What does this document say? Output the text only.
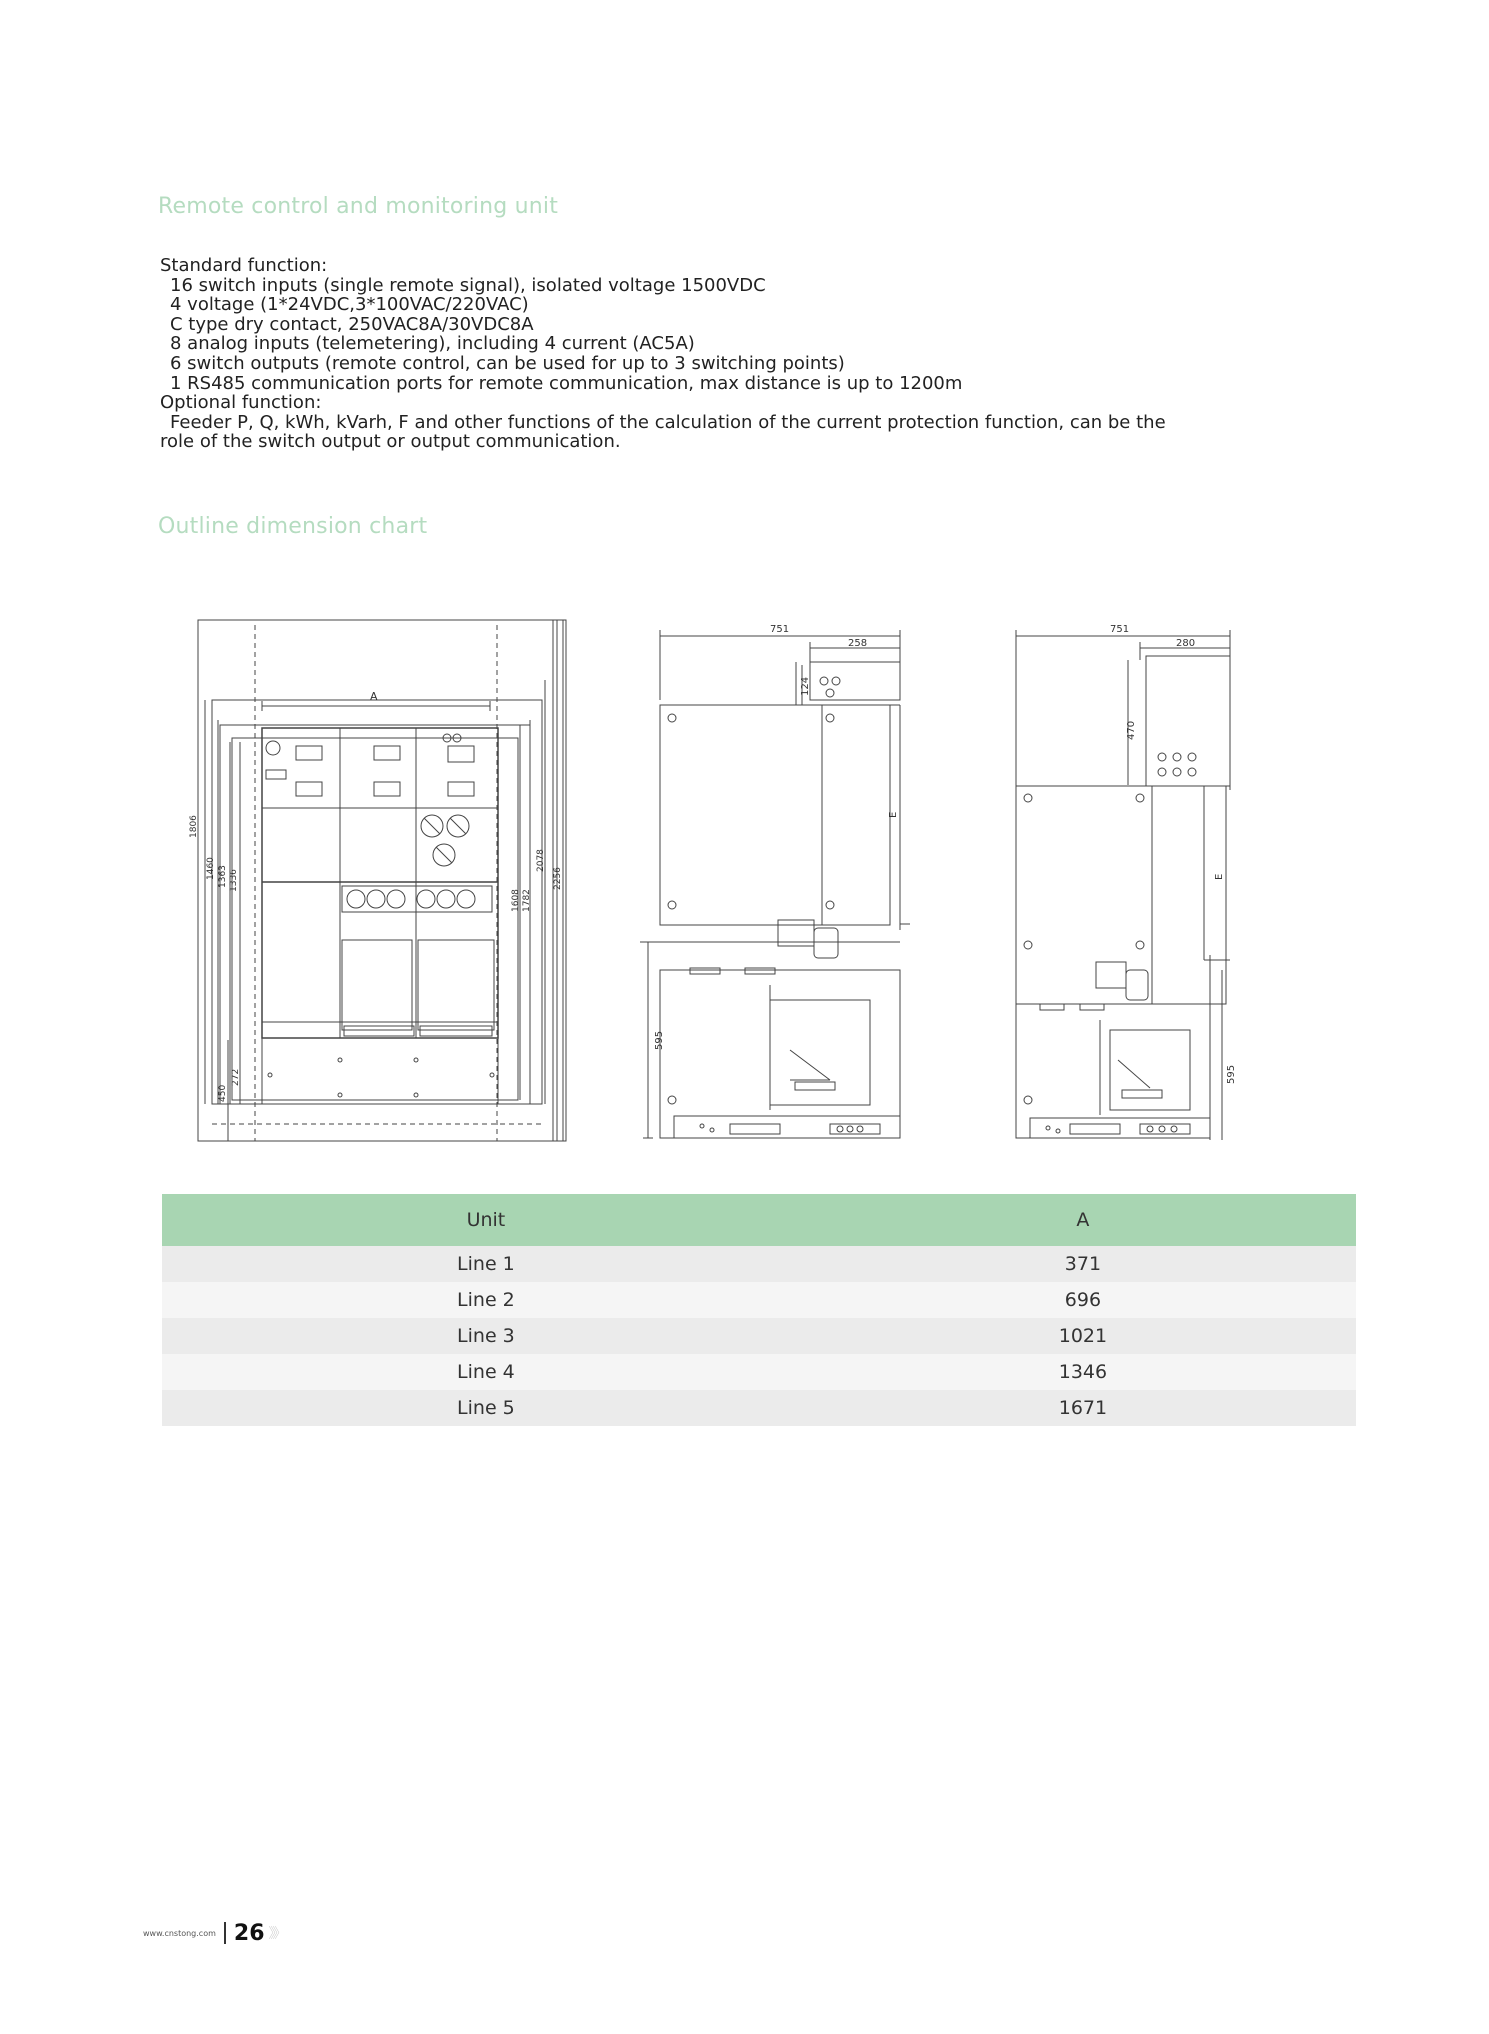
Remote control and monitoring unit
Standard function:
16 switch inputs (single remote signal), isolated voltage 1500VDC
4 voltage (1*24VDC,3*100VAC/220VAC)
C type dry contact, 250VAC8A/30VDC8A
8 analog inputs (telemetering), including 4 current (AC5A)
6 switch outputs (remote control, can be used for up to 3 switching points)
1 RS485 communication ports for remote communication, max distance is up to 1200m
Optional function:
Feeder P, Q, kWh, kVarh, F and other functions of the calculation of the current protection function, can be the
role of the switch output or output communication.
Outline dimension chart
A
1806
1460 1363 1336
1608 1782
2078
2256
450
272
751
258
124
595
E
751
280
470
595
E
Unit	A
Line 1	371
Line 2	696
Line 3	1021
Line 4	1346
Line 5	1671
www.cnstong.com 26 》》
